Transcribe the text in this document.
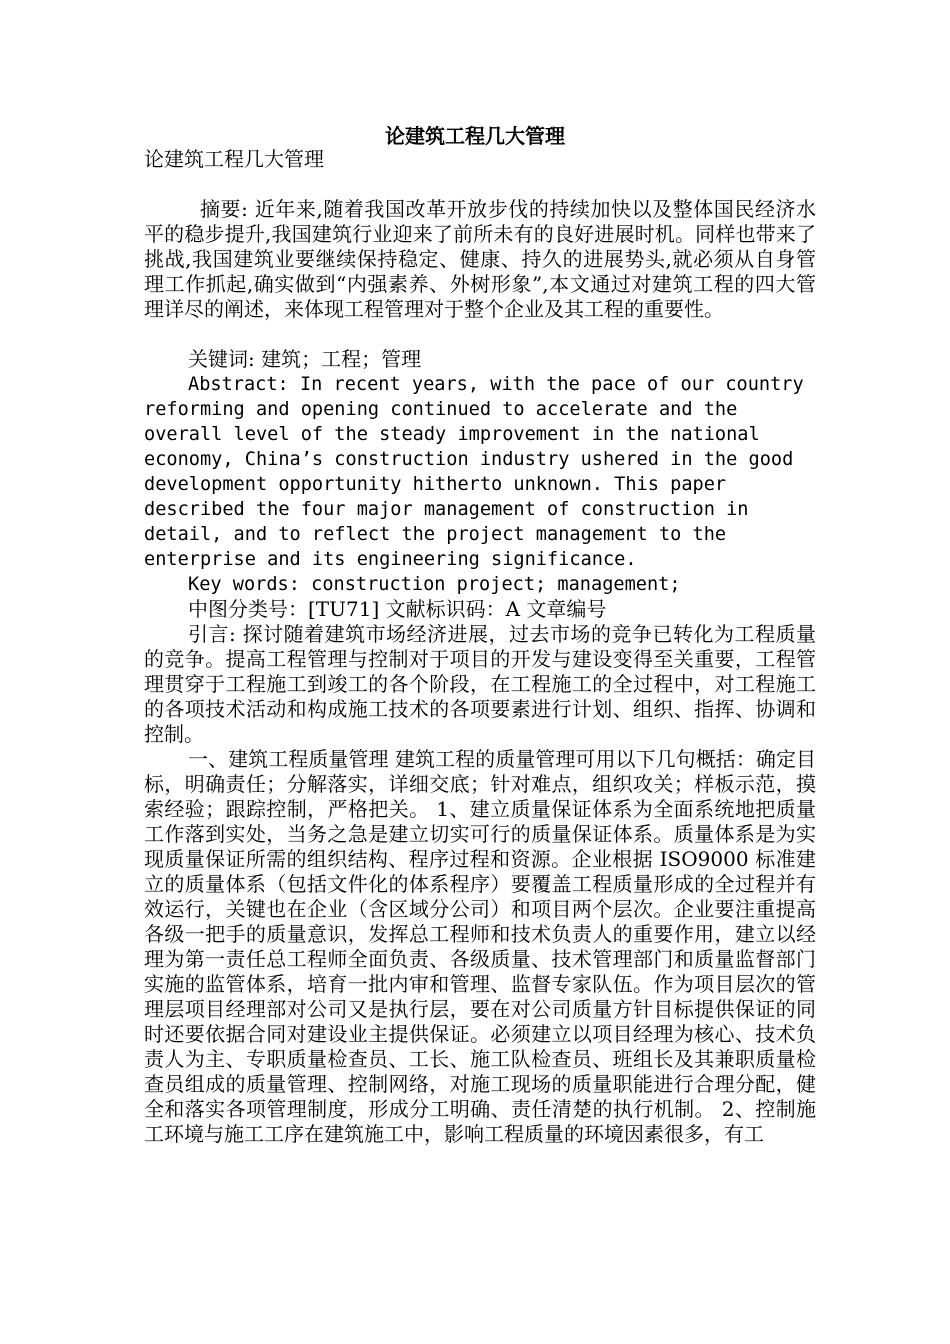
论建筑工程几大管理

论建筑工程几大管理

摘要: 近年来,随着我国改革开放步伐的持续加快以及整体国民经济水平的稳步提升,我国建筑行业迎来了前所未有的良好进展时机。同样也带来了挑战,我国建筑业要继续保持稳定、健康、持久的进展势头,就必须从自身管理工作抓起,确实做到“内强素养、外树形象”,本文通过对建筑工程的四大管理详尽的阐述，来体现工程管理对于整个企业及其工程的重要性。

关键词: 建筑；工程；管理

Abstract: In recent years, with the pace of our country reforming and opening continued to accelerate and the overall level of the steady improvement in the national economy, China’s construction industry ushered in the good development opportunity hitherto unknown. This paper described the four major management of construction in detail, and to reflect the project management to the enterprise and its engineering significance.

Key words: construction project; management;

中图分类号：[TU71] 文献标识码：A 文章编号

引言: 探讨随着建筑市场经济进展，过去市场的竞争已转化为工程质量的竞争。提高工程管理与控制对于项目的开发与建设变得至关重要，工程管理贯穿于工程施工到竣工的各个阶段，在工程施工的全过程中，对工程施工的各项技术活动和构成施工技术的各项要素进行计划、组织、指挥、协调和控制。

一、建筑工程质量管理 建筑工程的质量管理可用以下几句概括：确定目标，明确责任；分解落实，详细交底；针对难点，组织攻关；样板示范，摸索经验；跟踪控制，严格把关。 1、建立质量保证体系为全面系统地把质量工作落到实处，当务之急是建立切实可行的质量保证体系。质量体系是为实现质量保证所需的组织结构、程序过程和资源。企业根据 ISO9000 标准建立的质量体系（包括文件化的体系程序）要覆盖工程质量形成的全过程并有效运行，关键也在企业（含区域分公司）和项目两个层次。企业要注重提高各级一把手的质量意识，发挥总工程师和技术负责人的重要作用，建立以经理为第一责任总工程师全面负责、各级质量、技术管理部门和质量监督部门实施的监管体系，培育一批内审和管理、监督专家队伍。作为项目层次的管理层项目经理部对公司又是执行层，要在对公司质量方针目标提供保证的同时还要依据合同对建设业主提供保证。必须建立以项目经理为核心、技术负责人为主、专职质量检查员、工长、施工队检查员、班组长及其兼职质量检查员组成的质量管理、控制网络，对施工现场的质量职能进行合理分配，健全和落实各项管理制度，形成分工明确、责任清楚的执行机制。 2、控制施工环境与施工工序在建筑施工中，影响工程质量的环境因素很多，有工
